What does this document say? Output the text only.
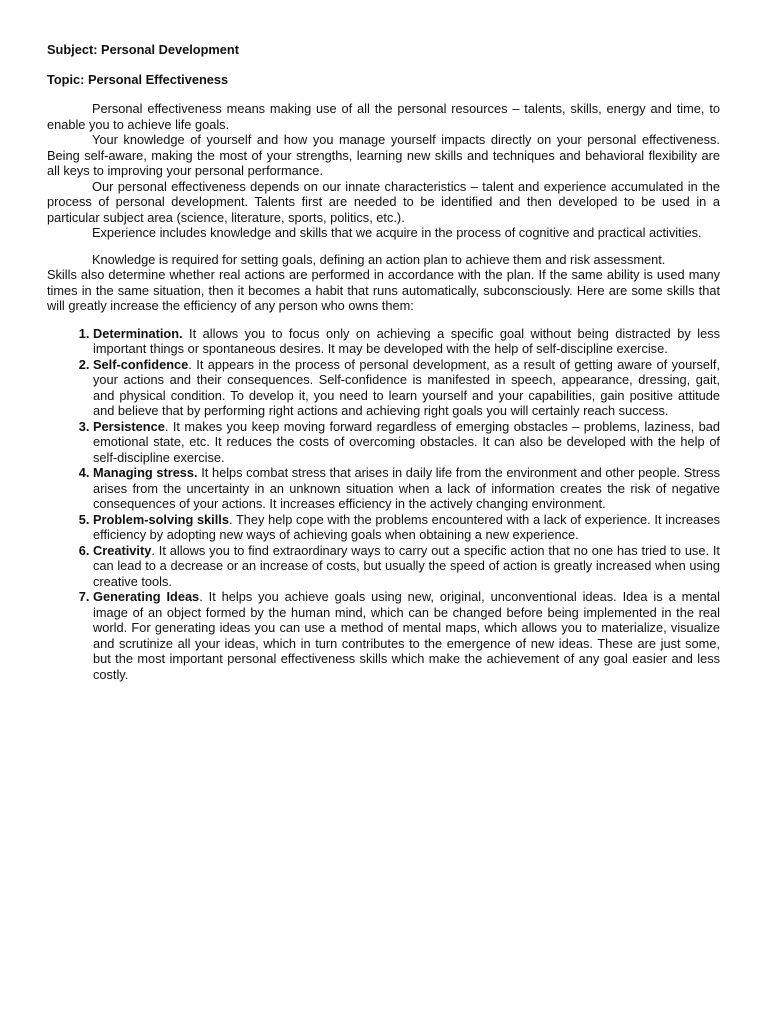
Subject: Personal Development

Topic: Personal Effectiveness

Personal effectiveness means making use of all the personal resources – talents, skills, energy and time, to enable you to achieve life goals.

Your knowledge of yourself and how you manage yourself impacts directly on your personal effectiveness. Being self-aware, making the most of your strengths, learning new skills and techniques and behavioral flexibility are all keys to improving your personal performance.

Our personal effectiveness depends on our innate characteristics – talent and experience accumulated in the process of personal development. Talents first are needed to be identified and then developed to be used in a particular subject area (science, literature, sports, politics, etc.).

Experience includes knowledge and skills that we acquire in the process of cognitive and practical activities.

Knowledge is required for setting goals, defining an action plan to achieve them and risk assessment.

Skills also determine whether real actions are performed in accordance with the plan. If the same ability is used many times in the same situation, then it becomes a habit that runs automatically, subconsciously. Here are some skills that will greatly increase the efficiency of any person who owns them:

1. Determination. It allows you to focus only on achieving a specific goal without being distracted by less important things or spontaneous desires. It may be developed with the help of self-discipline exercise.
2. Self-confidence. It appears in the process of personal development, as a result of getting aware of yourself, your actions and their consequences. Self-confidence is manifested in speech, appearance, dressing, gait, and physical condition. To develop it, you need to learn yourself and your capabilities, gain positive attitude and believe that by performing right actions and achieving right goals you will certainly reach success.
3. Persistence. It makes you keep moving forward regardless of emerging obstacles – problems, laziness, bad emotional state, etc. It reduces the costs of overcoming obstacles. It can also be developed with the help of self-discipline exercise.
4. Managing stress. It helps combat stress that arises in daily life from the environment and other people. Stress arises from the uncertainty in an unknown situation when a lack of information creates the risk of negative consequences of your actions. It increases efficiency in the actively changing environment.
5. Problem-solving skills. They help cope with the problems encountered with a lack of experience. It increases efficiency by adopting new ways of achieving goals when obtaining a new experience.
6. Creativity. It allows you to find extraordinary ways to carry out a specific action that no one has tried to use. It can lead to a decrease or an increase of costs, but usually the speed of action is greatly increased when using creative tools.
7. Generating Ideas. It helps you achieve goals using new, original, unconventional ideas. Idea is a mental image of an object formed by the human mind, which can be changed before being implemented in the real world. For generating ideas you can use a method of mental maps, which allows you to materialize, visualize and scrutinize all your ideas, which in turn contributes to the emergence of new ideas. These are just some, but the most important personal effectiveness skills which make the achievement of any goal easier and less costly.
